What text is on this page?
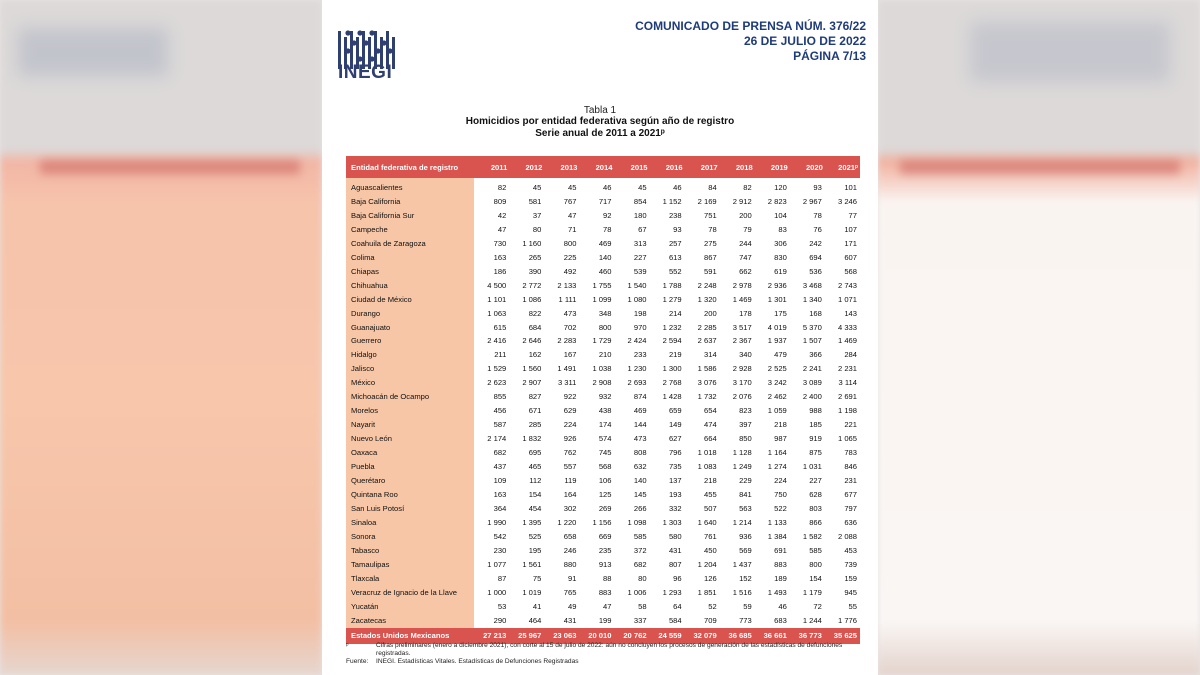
INEGI
COMUNICADO DE PRENSA NÚM. 376/22
26 DE JULIO DE 2022
PÁGINA 7/13
Tabla 1
Homicidios por entidad federativa según año de registro
Serie anual de 2011 a 2021ᵖ
Entidad federativa de registro	2011	2012	2013	2014	2015	2016	2017	2018	2019	2020	2021ᵖ
Aguascalientes	82	45	45	46	45	46	84	82	120	93	101
Baja California	809	581	767	717	854	1 152	2 169	2 912	2 823	2 967	3 246
Baja California Sur	42	37	47	92	180	238	751	200	104	78	77
Campeche	47	80	71	78	67	93	78	79	83	76	107
Coahuila de Zaragoza	730	1 160	800	469	313	257	275	244	306	242	171
Colima	163	265	225	140	227	613	867	747	830	694	607
Chiapas	186	390	492	460	539	552	591	662	619	536	568
Chihuahua	4 500	2 772	2 133	1 755	1 540	1 788	2 248	2 978	2 936	3 468	2 743
Ciudad de México	1 101	1 086	1 111	1 099	1 080	1 279	1 320	1 469	1 301	1 340	1 071
Durango	1 063	822	473	348	198	214	200	178	175	168	143
Guanajuato	615	684	702	800	970	1 232	2 285	3 517	4 019	5 370	4 333
Guerrero	2 416	2 646	2 283	1 729	2 424	2 594	2 637	2 367	1 937	1 507	1 469
Hidalgo	211	162	167	210	233	219	314	340	479	366	284
Jalisco	1 529	1 560	1 491	1 038	1 230	1 300	1 586	2 928	2 525	2 241	2 231
México	2 623	2 907	3 311	2 908	2 693	2 768	3 076	3 170	3 242	3 089	3 114
Michoacán de Ocampo	855	827	922	932	874	1 428	1 732	2 076	2 462	2 400	2 691
Morelos	456	671	629	438	469	659	654	823	1 059	988	1 198
Nayarit	587	285	224	174	144	149	474	397	218	185	221
Nuevo León	2 174	1 832	926	574	473	627	664	850	987	919	1 065
Oaxaca	682	695	762	745	808	796	1 018	1 128	1 164	875	783
Puebla	437	465	557	568	632	735	1 083	1 249	1 274	1 031	846
Querétaro	109	112	119	106	140	137	218	229	224	227	231
Quintana Roo	163	154	164	125	145	193	455	841	750	628	677
San Luis Potosí	364	454	302	269	266	332	507	563	522	803	797
Sinaloa	1 990	1 395	1 220	1 156	1 098	1 303	1 640	1 214	1 133	866	636
Sonora	542	525	658	669	585	580	761	936	1 384	1 582	2 088
Tabasco	230	195	246	235	372	431	450	569	691	585	453
Tamaulipas	1 077	1 561	880	913	682	807	1 204	1 437	883	800	739
Tlaxcala	87	75	91	88	80	96	126	152	189	154	159
Veracruz de Ignacio de la Llave	1 000	1 019	765	883	1 006	1 293	1 851	1 516	1 493	1 179	945
Yucatán	53	41	49	47	58	64	52	59	46	72	55
Zacatecas	290	464	431	199	337	584	709	773	683	1 244	1 776
Estados Unidos Mexicanos	27 213	25 967	23 063	20 010	20 762	24 559	32 079	36 685	36 661	36 773	35 625
ᵖ	Cifras preliminares (enero a diciembre 2021), con corte al 15 de julio de 2022: aún no concluyen los procesos de generación de las estadísticas de defunciones registradas.
Fuente:	INEGI. Estadísticas Vitales. Estadísticas de Defunciones Registradas
